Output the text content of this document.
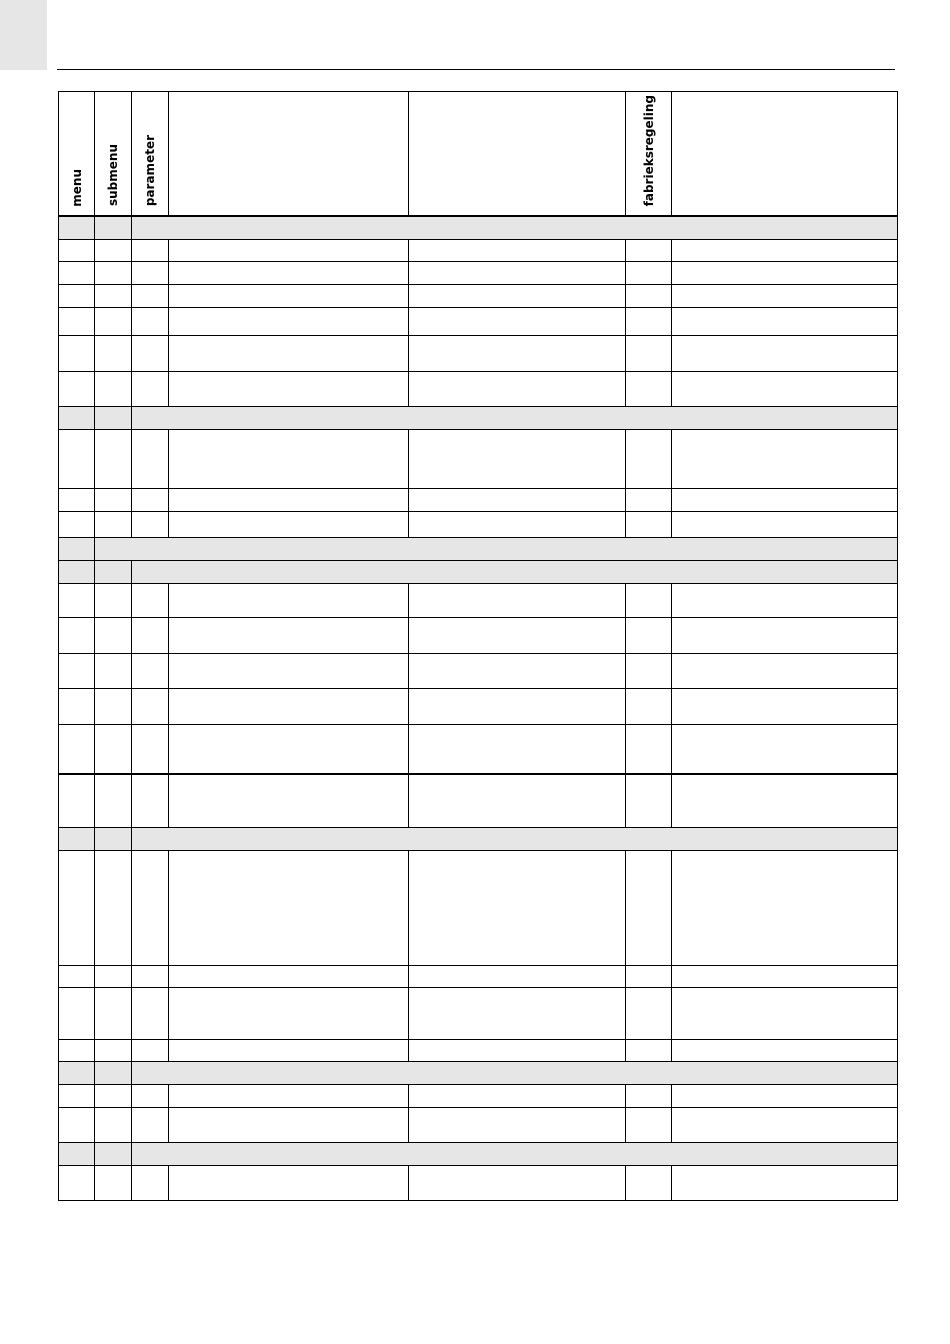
menu	submenu	parameter			fabrieksregeling	
